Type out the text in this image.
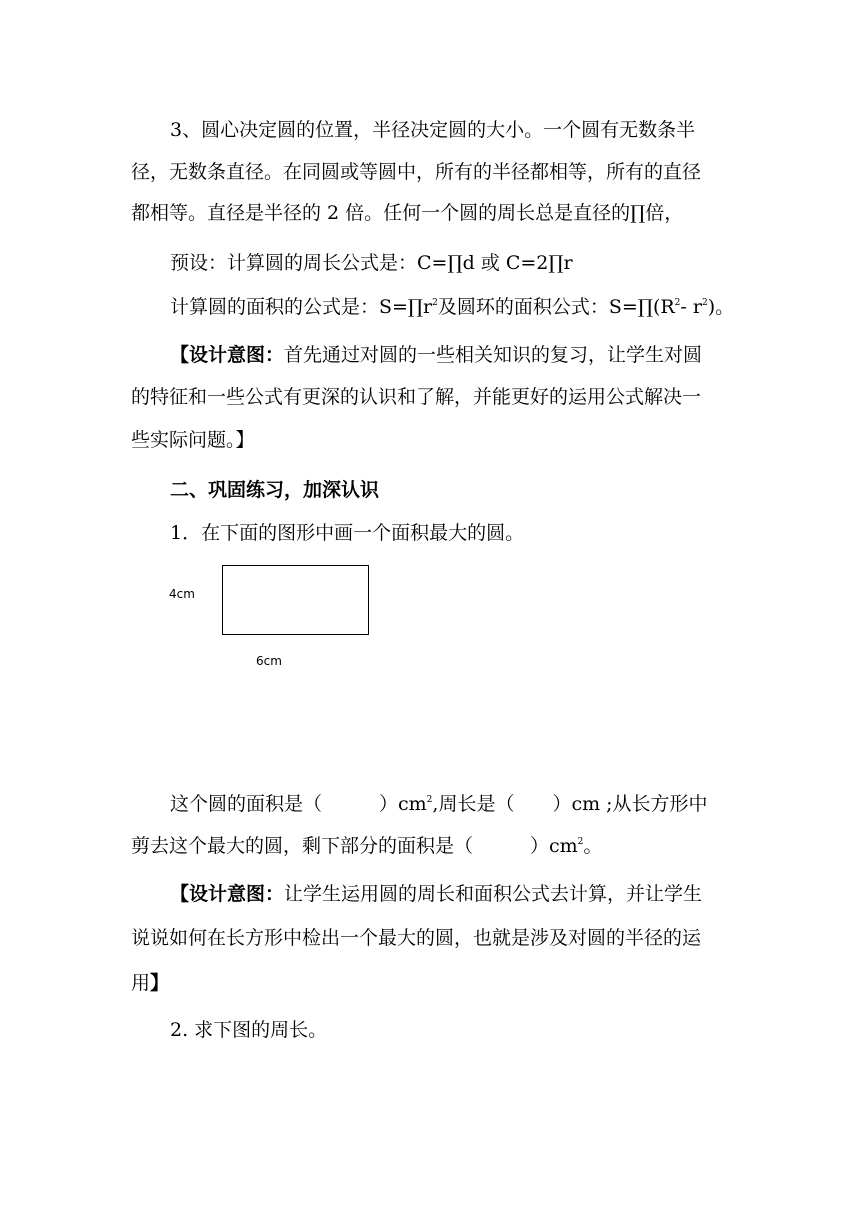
3、圆心决定圆的位置，半径决定圆的大小。一个圆有无数条半
径，无数条直径。在同圆或等圆中，所有的半径都相等，所有的直径
都相等。直径是半径的 2 倍。任何一个圆的周长总是直径的∏倍，
预设：计算圆的周长公式是：C=∏d 或 C=2∏r
计算圆的面积的公式是：$S=\prod r^2$及圆环的面积公式：$S=\prod(R^2-$ $r^2$)。
【设计意图：首先通过对圆的一些相关知识的复习，让学生对圆
的特征和一些公式有更深的认识和了解，并能更好的运用公式解决一
些实际问题。】
二、巩固练习，加深认识
1．在下面的图形中画一个面积最大的圆。
4cm
6cm
这个圆的面积是（　　　）$cm^2$,周长是（　　）cm ;从长方形中
剪去这个最大的圆，剩下部分的面积是（　　　）$cm^2$。
【设计意图：让学生运用圆的周长和面积公式去计算，并让学生
说说如何在长方形中检出一个最大的圆，也就是涉及对圆的半径的运
用】
2. 求下图的周长。
